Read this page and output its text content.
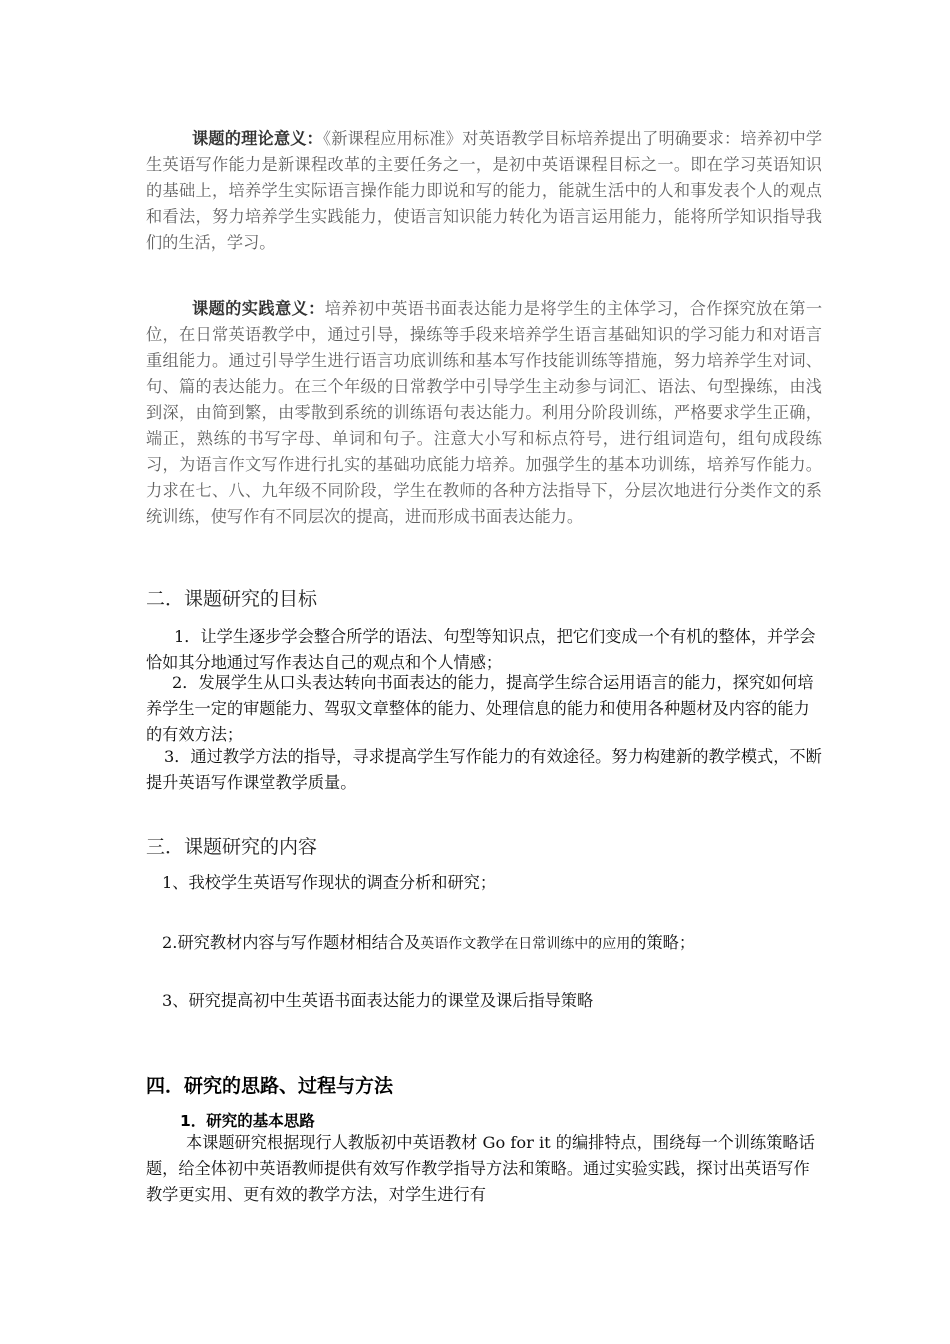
课题的理论意义：《新课程应用标准》对英语教学目标培养提出了明确要求：培养初中学生英语写作能力是新课程改革的主要任务之一，是初中英语课程目标之一。即在学习英语知识的基础上，培养学生实际语言操作能力即说和写的能力，能就生活中的人和事发表个人的观点和看法，努力培养学生实践能力，使语言知识能力转化为语言运用能力，能将所学知识指导我们的生活，学习。

课题的实践意义：培养初中英语书面表达能力是将学生的主体学习，合作探究放在第一位，在日常英语教学中，通过引导，操练等手段来培养学生语言基础知识的学习能力和对语言重组能力。通过引导学生进行语言功底训练和基本写作技能训练等措施，努力培养学生对词、句、篇的表达能力。在三个年级的日常教学中引导学生主动参与词汇、语法、句型操练，由浅到深，由简到繁，由零散到系统的训练语句表达能力。利用分阶段训练，严格要求学生正确，端正，熟练的书写字母、单词和句子。注意大小写和标点符号，进行组词造句，组句成段练习，为语言作文写作进行扎实的基础功底能力培养。加强学生的基本功训练，培养写作能力。力求在七、八、九年级不同阶段，学生在教师的各种方法指导下，分层次地进行分类作文的系统训练，使写作有不同层次的提高，进而形成书面表达能力。

二．课题研究的目标

1．让学生逐步学会整合所学的语法、句型等知识点，把它们变成一个有机的整体，并学会恰如其分地通过写作表达自己的观点和个人情感；

2．发展学生从口头表达转向书面表达的能力，提高学生综合运用语言的能力，探究如何培养学生一定的审题能力、驾驭文章整体的能力、处理信息的能力和使用各种题材及内容的能力的有效方法；

3．通过教学方法的指导，寻求提高学生写作能力的有效途径。努力构建新的教学模式，不断提升英语写作课堂教学质量。

三．课题研究的内容

1、我校学生英语写作现状的调查分析和研究；

2.研究教材内容与写作题材相结合及英语作文教学在日常训练中的应用的策略；

3、研究提高初中生英语书面表达能力的课堂及课后指导策略

四．研究的思路、过程与方法
1．研究的基本思路

本课题研究根据现行人教版初中英语教材 Go for it 的编排特点，围绕每一个训练策略话题，给全体初中英语教师提供有效写作教学指导方法和策略。通过实验实践，探讨出英语写作教学更实用、更有效的教学方法，对学生进行有
